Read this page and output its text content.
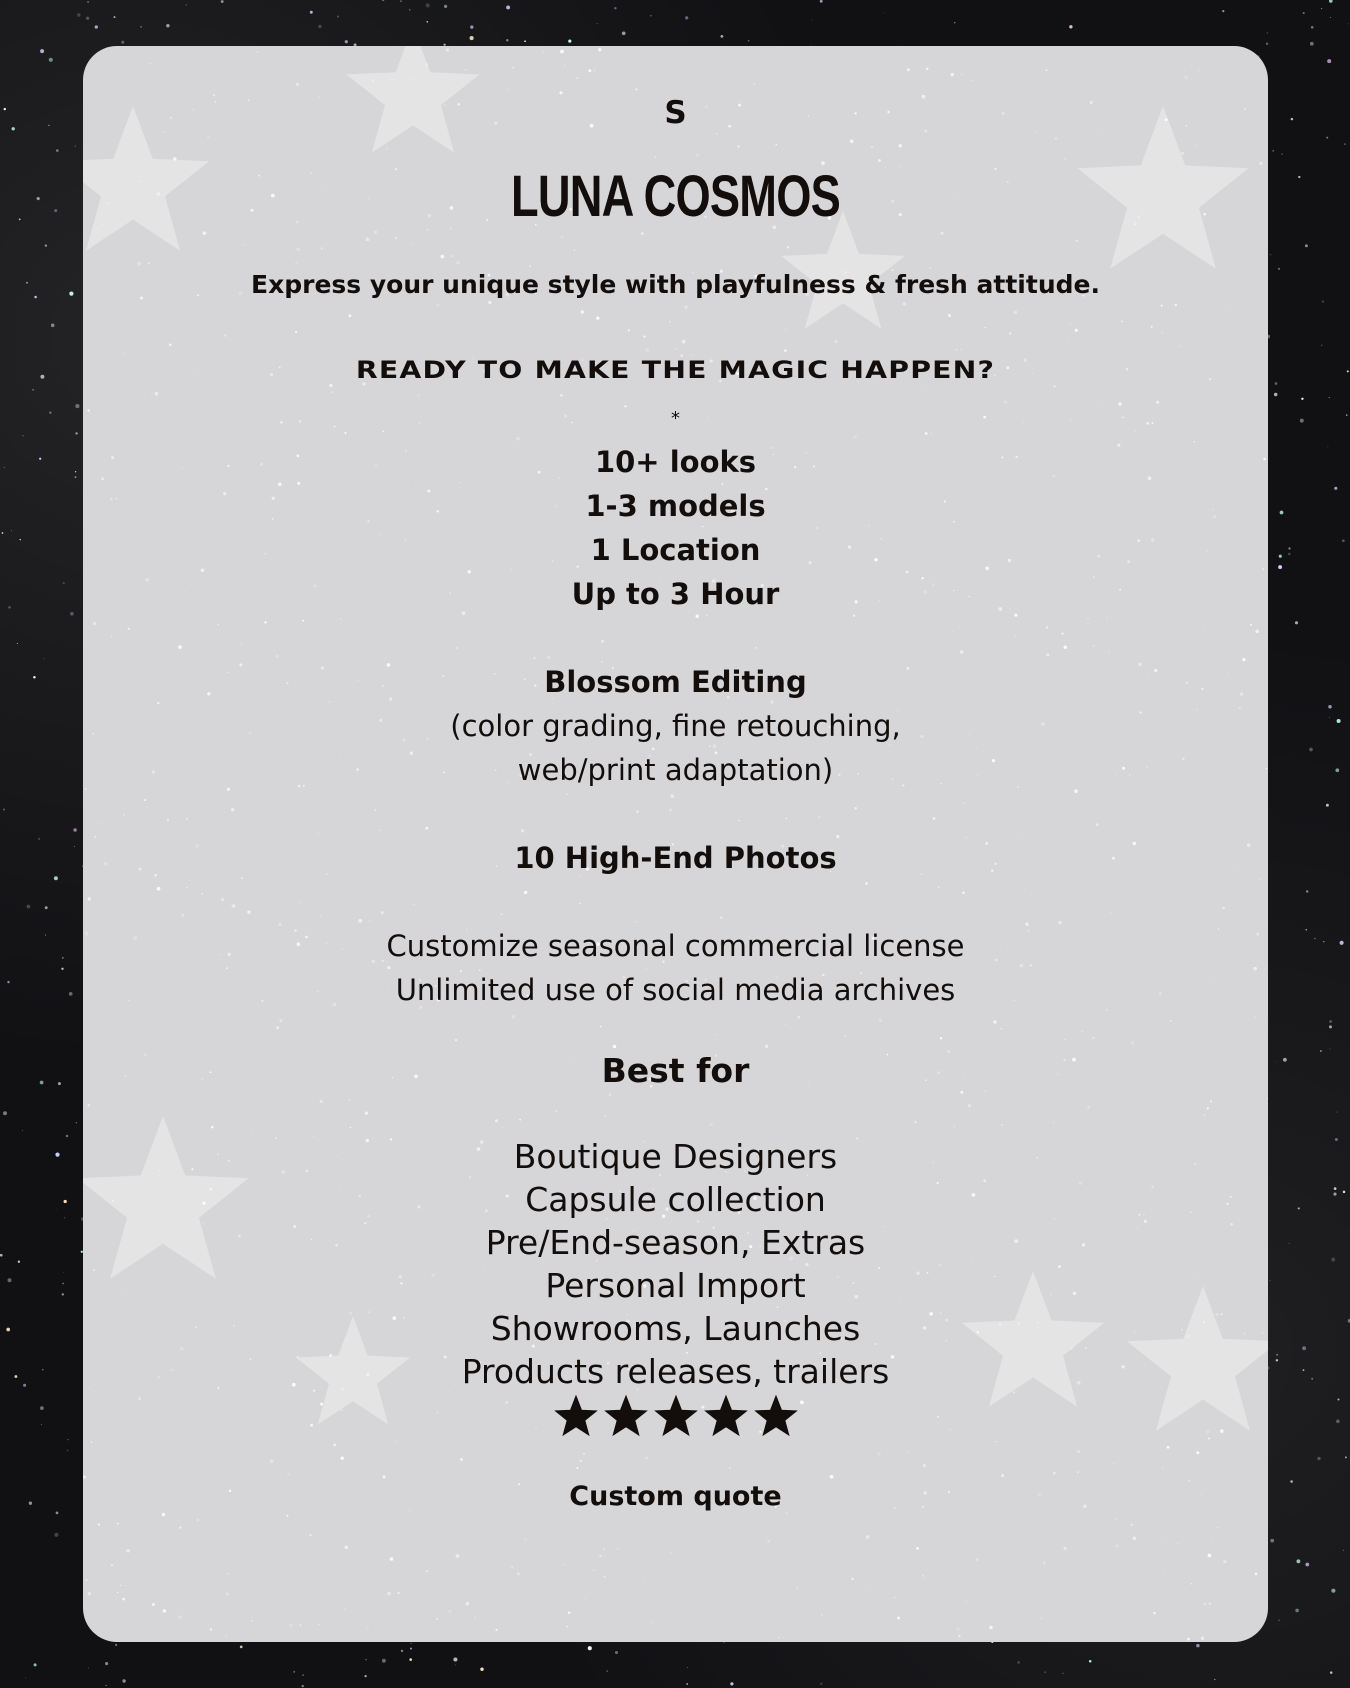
S
LUNA COSMOS
Express your unique style with playfulness & fresh attitude.
READY TO MAKE THE MAGIC HAPPEN?
*
10+ looks
1-3 models
1 Location
Up to 3 Hour
Blossom Editing
(color grading, fine retouching,
web/print adaptation)
10 High-End Photos
Customize seasonal commercial license
Unlimited use of social media archives
Best for
Boutique Designers
Capsule collection
Pre/End-season, Extras
Personal Import
Showrooms, Launches
Products releases, trailers
Custom quote
